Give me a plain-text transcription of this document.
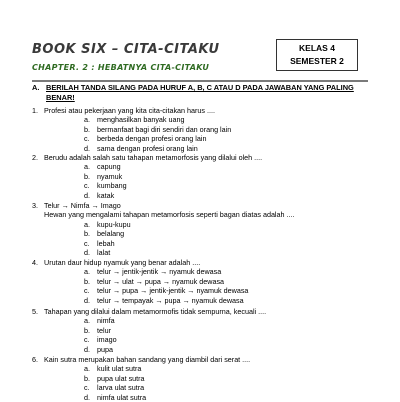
BOOK SIX – CITA-CITAKU
CHAPTER. 2 : HEBATNYA CITA-CITAKU
KELAS 4
SEMESTER 2
A. BERILAH TANDA SILANG PADA HURUF A, B, C ATAU D PADA JAWABAN YANG PALING BENAR!
1. Profesi atau pekerjaan yang kita cita-citakan harus ....
a. menghasilkan banyak uang
b. bermanfaat bagi diri sendiri dan orang lain
c. berbeda dengan profesi orang lain
d. sama dengan profesi orang lain
2. Berudu adalah salah satu tahapan metamorfosis yang dilalui oleh ....
a. capung
b. nyamuk
c. kumbang
d. katak
3. Telur → Nimfa → Imago
Hewan yang mengalami tahapan metamorfosis seperti bagan diatas adalah ....
a. kupu-kupu
b. belalang
c. lebah
d. lalat
4. Urutan daur hidup nyamuk yang benar adalah ....
a. telur → jentik-jentik → nyamuk dewasa
b. telur → ulat → pupa → nyamuk dewasa
c. telur → pupa → jentik-jentik → nyamuk dewasa
d. telur → tempayak → pupa → nyamuk dewasa
5. Tahapan yang dilalui dalam metamormofis tidak sempurna, kecuali ....
a. nimfa
b. telur
c. imago
d. pupa
6. Kain sutra merupakan bahan sandang yang diambil dari serat ....
a. kulit ulat sutra
b. pupa ulat sutra
c. larva ulat sutra
d. nimfa ulat sutra
